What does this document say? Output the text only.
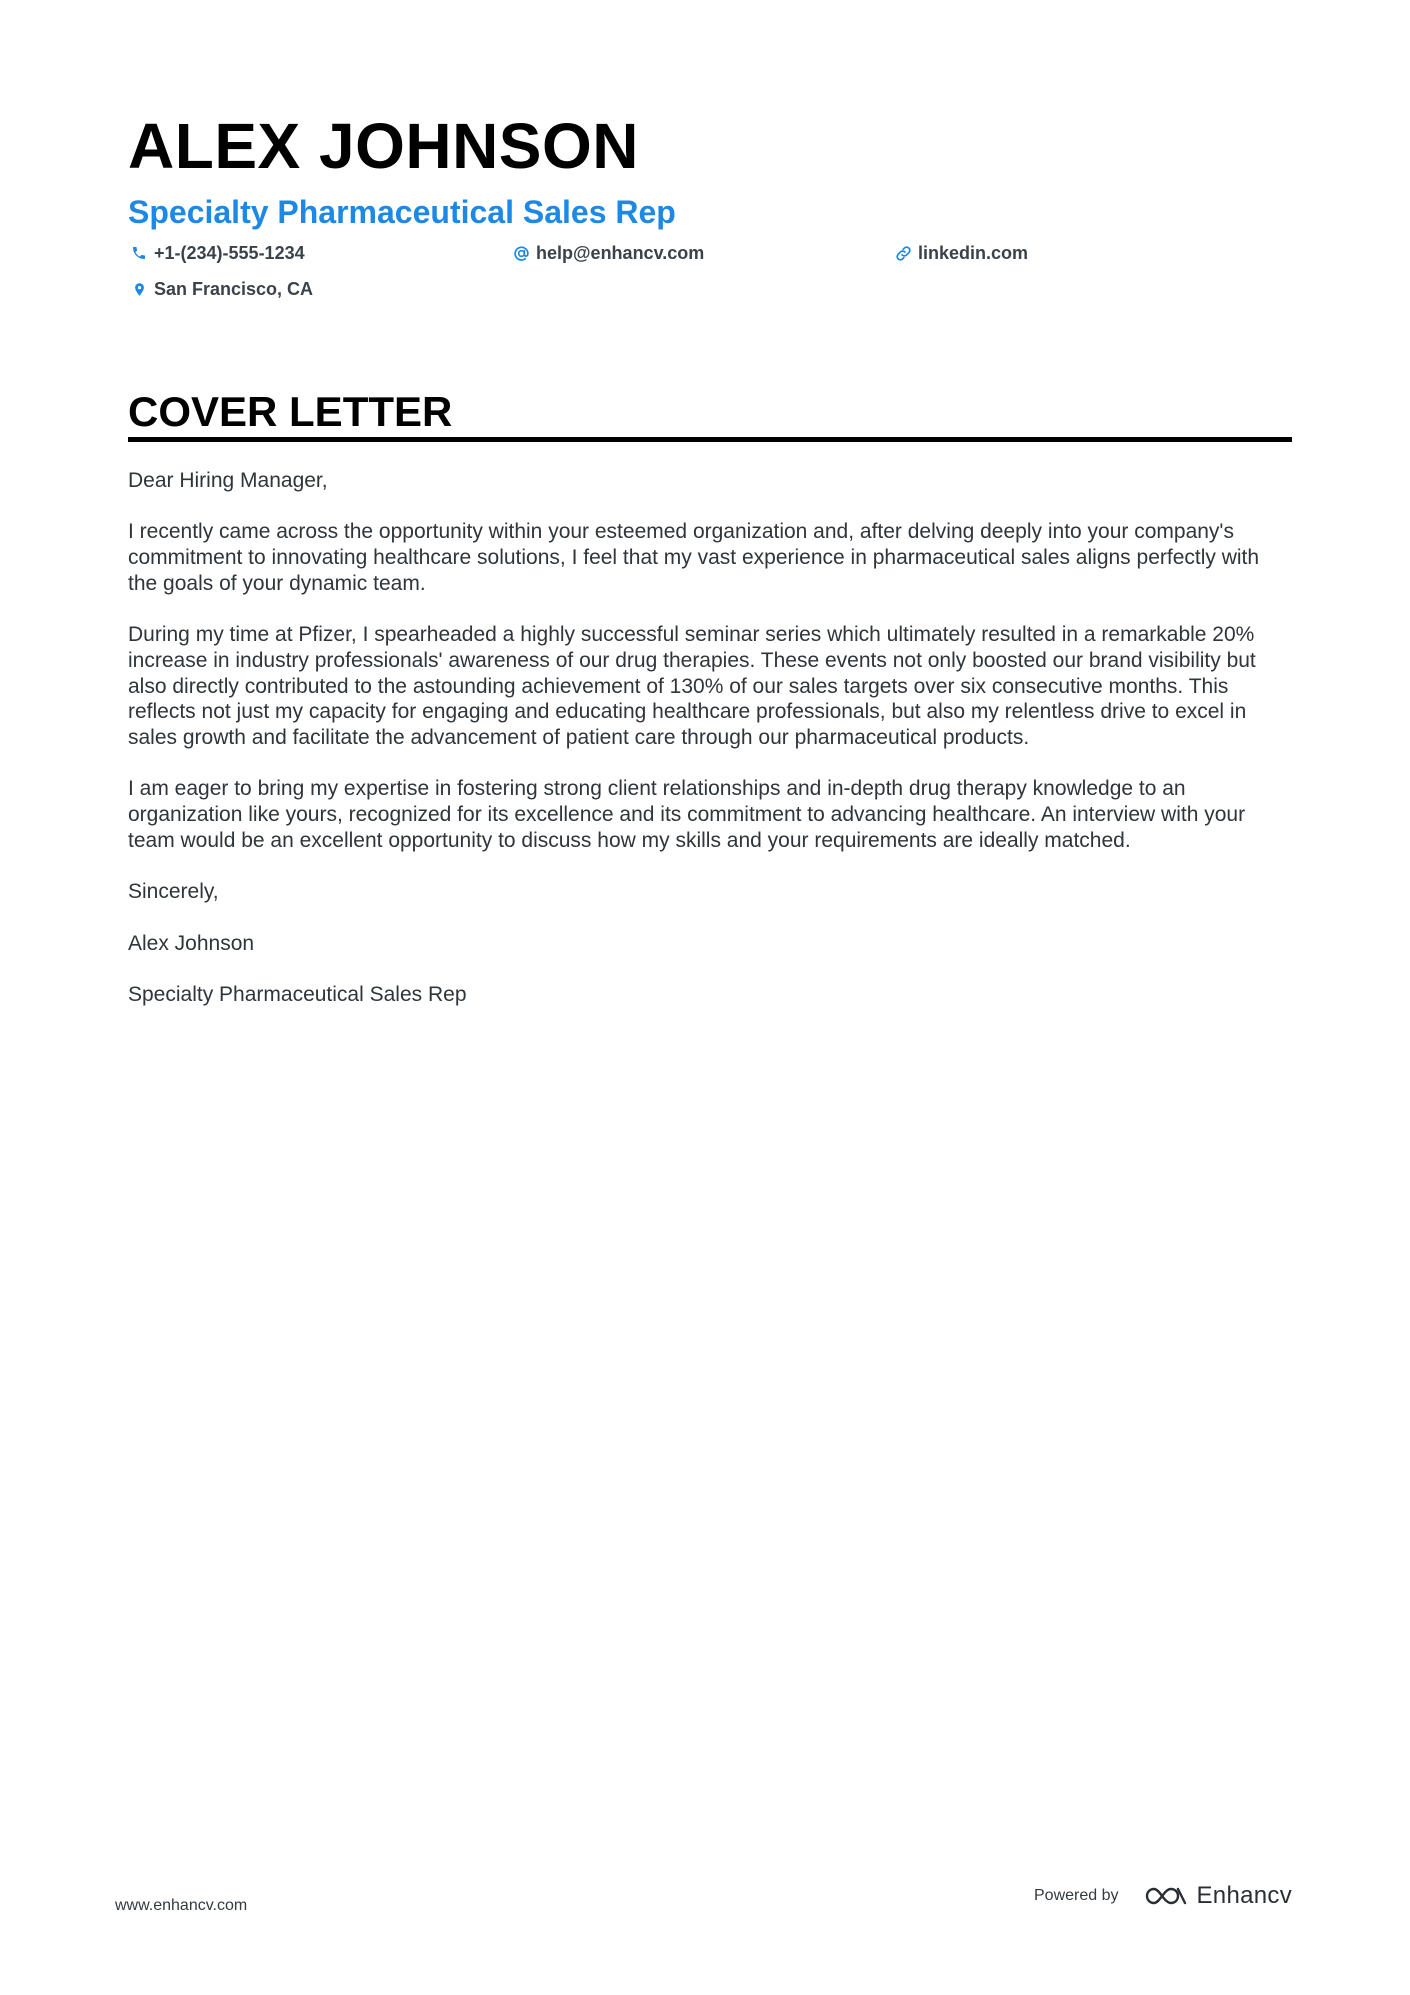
ALEX JOHNSON
Specialty Pharmaceutical Sales Rep
+1-(234)-555-1234	help@enhancv.com	linkedin.com
San Francisco, CA
COVER LETTER

Dear Hiring Manager,

I recently came across the opportunity within your esteemed organization and, after delving deeply into your company's commitment to innovating healthcare solutions, I feel that my vast experience in pharmaceutical sales aligns perfectly with the goals of your dynamic team.

During my time at Pfizer, I spearheaded a highly successful seminar series which ultimately resulted in a remarkable 20% increase in industry professionals' awareness of our drug therapies. These events not only boosted our brand visibility but also directly contributed to the astounding achievement of 130% of our sales targets over six consecutive months. This reflects not just my capacity for engaging and educating healthcare professionals, but also my relentless drive to excel in sales growth and facilitate the advancement of patient care through our pharmaceutical products.

I am eager to bring my expertise in fostering strong client relationships and in-depth drug therapy knowledge to an organization like yours, recognized for its excellence and its commitment to advancing healthcare. An interview with your team would be an excellent opportunity to discuss how my skills and your requirements are ideally matched.

Sincerely,

Alex Johnson

Specialty Pharmaceutical Sales Rep

www.enhancv.com
Powered by	Enhancv
